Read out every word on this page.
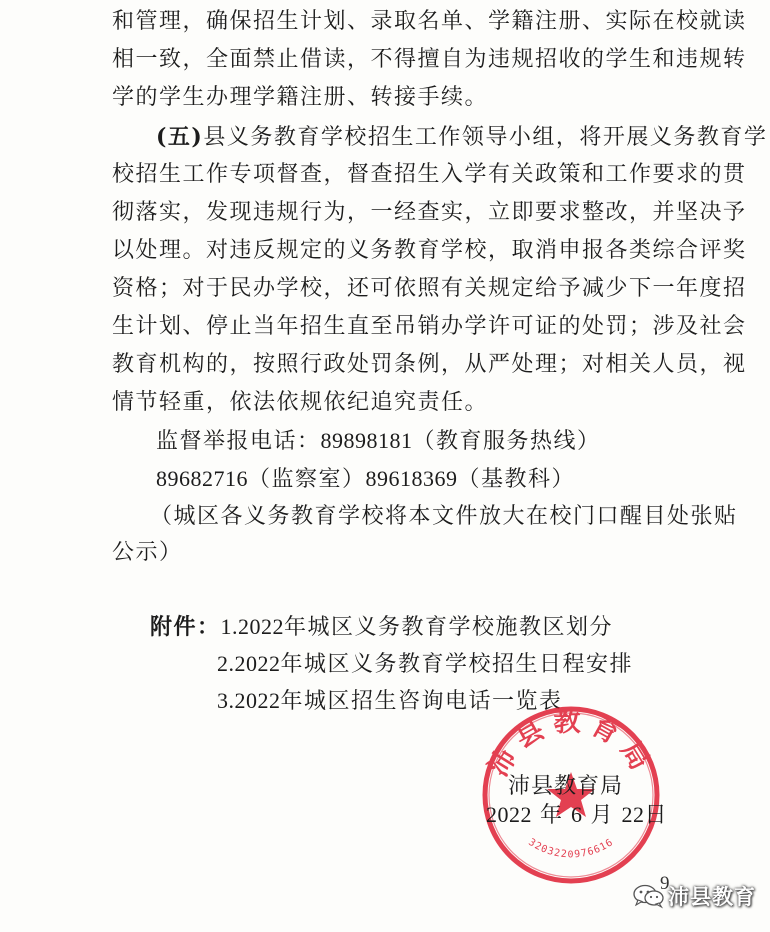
和管理，确保招生计划、录取名单、学籍注册、实际在校就读
相一致，全面禁止借读，不得擅自为违规招收的学生和违规转
学的学生办理学籍注册、转接手续。
(五)县义务教育学校招生工作领导小组，将开展义务教育学
校招生工作专项督查，督查招生入学有关政策和工作要求的贯
彻落实，发现违规行为，一经查实，立即要求整改，并坚决予
以处理。对违反规定的义务教育学校，取消申报各类综合评奖
资格；对于民办学校，还可依照有关规定给予减少下一年度招
生计划、停止当年招生直至吊销办学许可证的处罚；涉及社会
教育机构的，按照行政处罚条例，从严处理；对相关人员，视
情节轻重，依法依规依纪追究责任。
监督举报电话：89898181（教育服务热线）
89682716（监察室）89618369（基教科）
（城区各义务教育学校将本文件放大在校门口醒目处张贴
公示）
附件：1.2022年城区义务教育学校施教区划分
2.2022年城区义务教育学校招生日程安排
3.2022年城区招生咨询电话一览表
沛县教育局
3203220976616
沛县教育局
2022 年 6 月 22日
9
沛县教育
